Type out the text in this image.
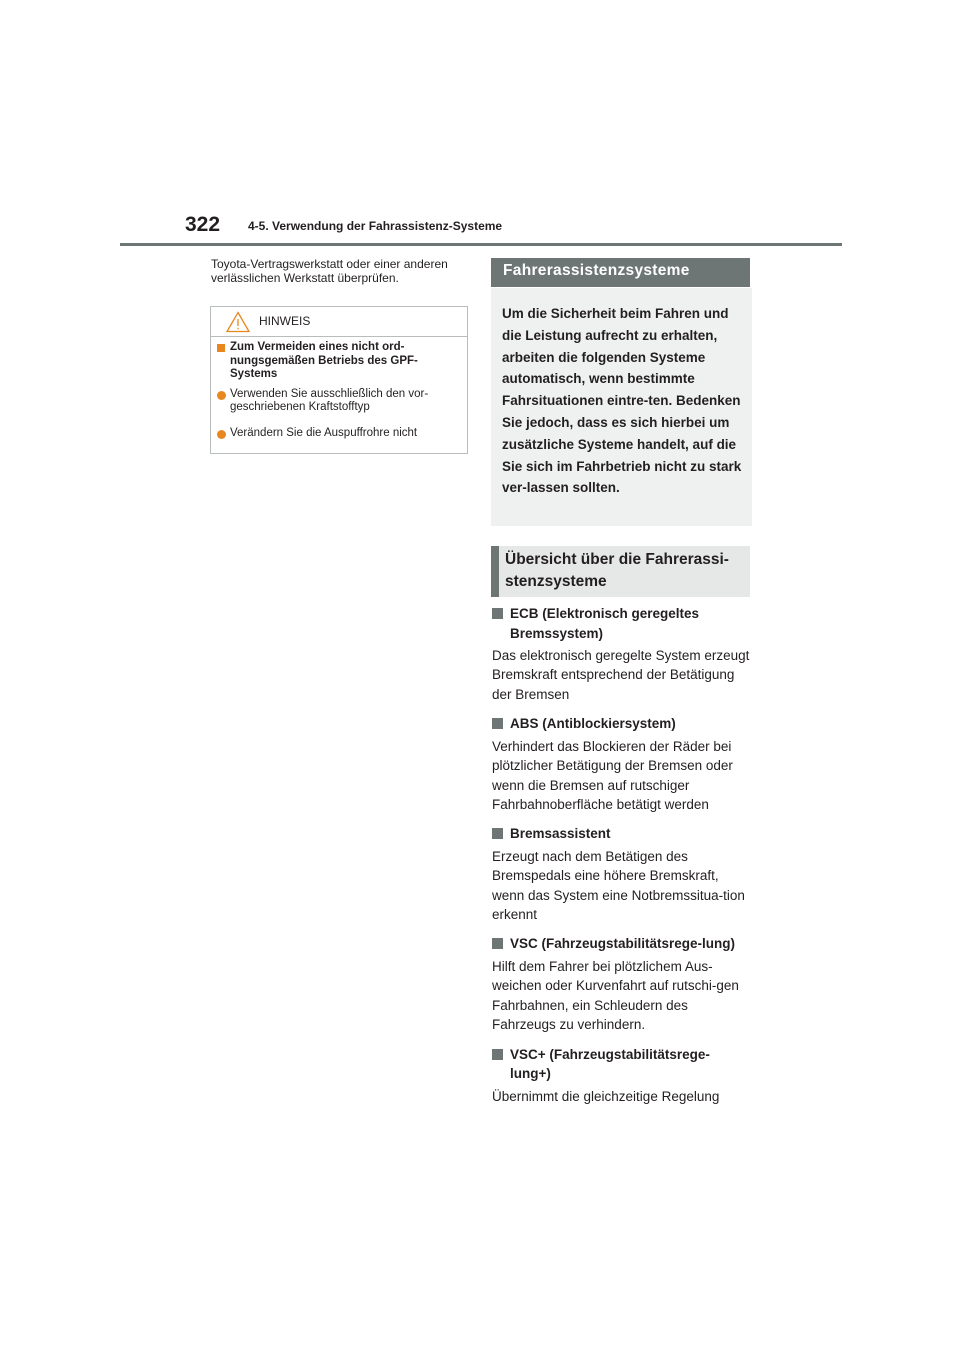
322 4-5. Verwendung der Fahrassistenz-Systeme
Toyota-Vertragswerkstatt oder einer anderen verlässlichen Werkstatt überprüfen.
HINWEIS
Zum Vermeiden eines nicht ord-nungsgemäßen Betriebs des GPF-Systems
Verwenden Sie ausschließlich den vor-geschriebenen Kraftstofftyp
Verändern Sie die Auspuffrohre nicht
Fahrerassistenzsysteme
Um die Sicherheit beim Fahren und die Leistung aufrecht zu erhalten, arbeiten die folgenden Systeme automatisch, wenn bestimmte Fahrsituationen eintre-ten. Bedenken Sie jedoch, dass es sich hierbei um zusätzliche Systeme handelt, auf die Sie sich im Fahrbetrieb nicht zu stark ver-lassen sollten.
Übersicht über die Fahrerassi-stenzsysteme
ECB (Elektronisch geregeltes Bremssystem)
Das elektronisch geregelte System erzeugt Bremskraft entsprechend der Betätigung der Bremsen
ABS (Antiblockiersystem)
Verhindert das Blockieren der Räder bei plötzlicher Betätigung der Bremsen oder wenn die Bremsen auf rutschiger Fahrbahnoberfläche betätigt werden
Bremsassistent
Erzeugt nach dem Betätigen des Bremspedals eine höhere Bremskraft, wenn das System eine Notbremssitua-tion erkennt
VSC (Fahrzeugstabilitätsrege-lung)
Hilft dem Fahrer bei plötzlichem Aus-weichen oder Kurvenfahrt auf rutschi-gen Fahrbahnen, ein Schleudern des Fahrzeugs zu verhindern.
VSC+ (Fahrzeugstabilitätsrege-lung+)
Übernimmt die gleichzeitige Regelung
